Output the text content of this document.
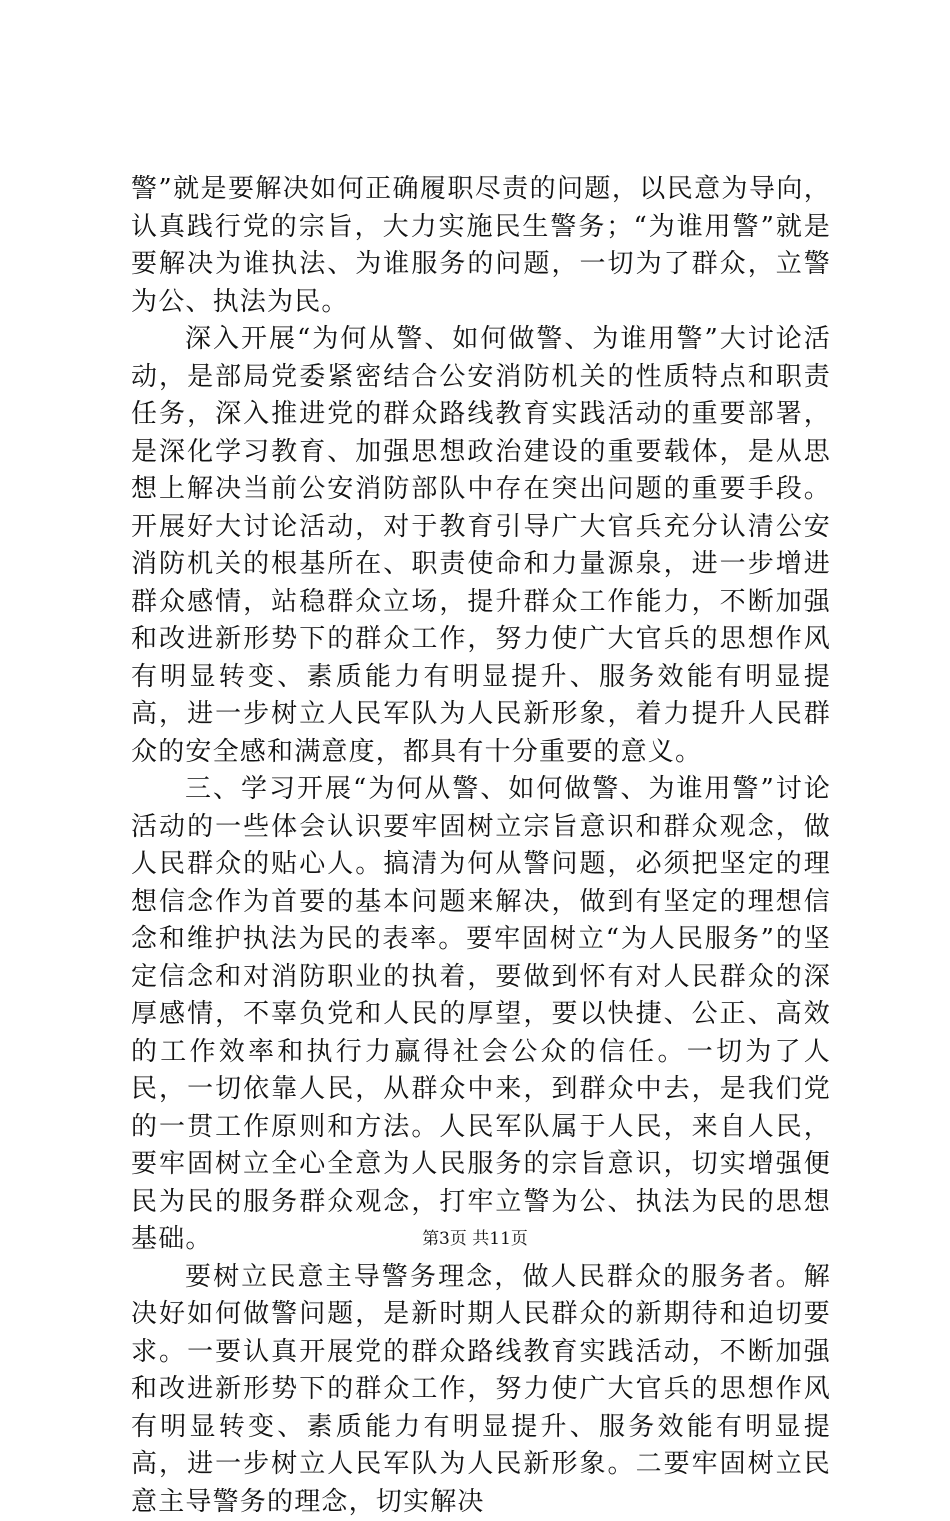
警”就是要解决如何正确履职尽责的问题，以民意为导向，认真践行党的宗旨，大力实施民生警务；“为谁用警”就是要解决为谁执法、为谁服务的问题，一切为了群众，立警为公、执法为民。

深入开展“为何从警、如何做警、为谁用警”大讨论活动，是部局党委紧密结合公安消防机关的性质特点和职责任务，深入推进党的群众路线教育实践活动的重要部署，是深化学习教育、加强思想政治建设的重要载体，是从思想上解决当前公安消防部队中存在突出问题的重要手段。开展好大讨论活动，对于教育引导广大官兵充分认清公安消防机关的根基所在、职责使命和力量源泉，进一步增进群众感情，站稳群众立场，提升群众工作能力，不断加强和改进新形势下的群众工作，努力使广大官兵的思想作风有明显转变、素质能力有明显提升、服务效能有明显提高，进一步树立人民军队为人民新形象，着力提升人民群众的安全感和满意度，都具有十分重要的意义。

三、学习开展“为何从警、如何做警、为谁用警”讨论活动的一些体会认识要牢固树立宗旨意识和群众观念，做人民群众的贴心人。搞清为何从警问题，必须把坚定的理想信念作为首要的基本问题来解决，做到有坚定的理想信念和维护执法为民的表率。要牢固树立“为人民服务”的坚定信念和对消防职业的执着，要做到怀有对人民群众的深厚感情，不辜负党和人民的厚望，要以快捷、公正、高效的工作效率和执行力赢得社会公众的信任。一切为了人民，一切依靠人民，从群众中来，到群众中去，是我们党的一贯工作原则和方法。人民军队属于人民，来自人民，要牢固树立全心全意为人民服务的宗旨意识，切实增强便民为民的服务群众观念，打牢立警为公、执法为民的思想基础。

要树立民意主导警务理念，做人民群众的服务者。解决好如何做警问题，是新时期人民群众的新期待和迫切要求。一要认真开展党的群众路线教育实践活动，不断加强和改进新形势下的群众工作，努力使广大官兵的思想作风有明显转变、素质能力有明显提升、服务效能有明显提高，进一步树立人民军队为人民新形象。二要牢固树立民意主导警务的理念，切实解决

第3页 共11页
